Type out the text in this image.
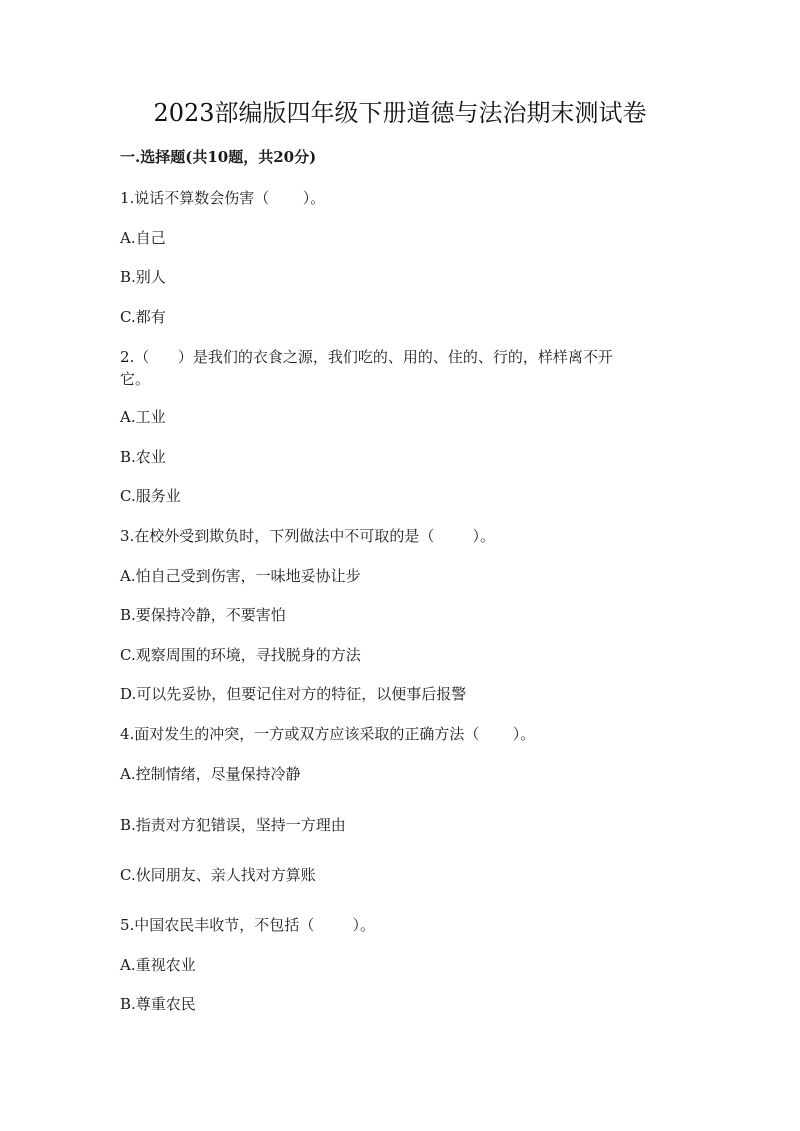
2023部编版四年级下册道德与法治期末测试卷
一.选择题(共10题，共20分)
1.说话不算数会伤害（       ）。
A.自己
B.别人
C.都有
2.（      ）是我们的衣食之源，我们吃的、用的、住的、行的，样样离不开
它。
A.工业
B.农业
C.服务业
3.在校外受到欺负时，下列做法中不可取的是（        ）。
A.怕自己受到伤害，一味地妥协让步
B.要保持冷静，不要害怕
C.观察周围的环境，寻找脱身的方法
D.可以先妥协，但要记住对方的特征，以便事后报警
4.面对发生的冲突，一方或双方应该采取的正确方法（       ）。
A.控制情绪，尽量保持冷静
B.指责对方犯错误，坚持一方理由
C.伙同朋友、亲人找对方算账
5.中国农民丰收节，不包括（        ）。
A.重视农业
B.尊重农民
